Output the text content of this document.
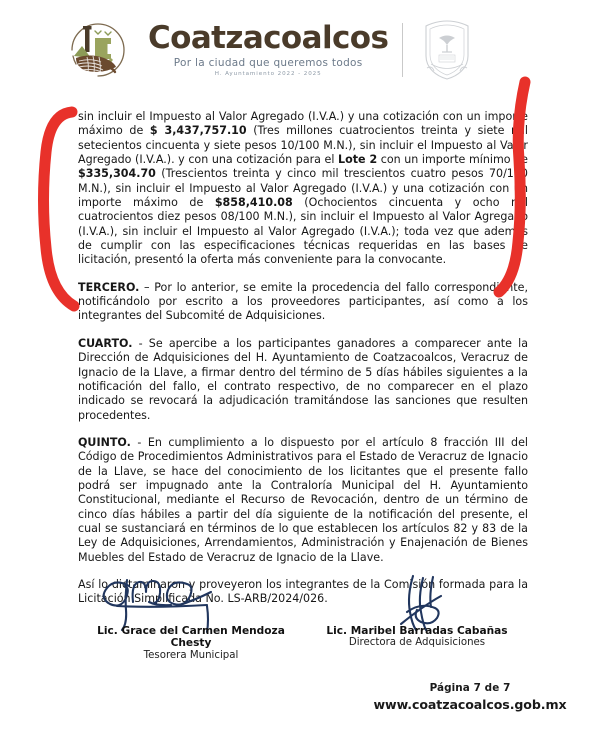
Coatzacoalcos
Por la ciudad que queremos todos
H. Ayuntamiento 2022 - 2025

sin incluir el Impuesto al Valor Agregado (I.V.A.) y una cotización con un importe máximo de $ 3,437,757.10 (Tres millones cuatrocientos treinta y siete mil setecientos cincuenta y siete pesos 10/100 M.N.), sin incluir el Impuesto al Valor Agregado (I.V.A.). y con una cotización para el Lote 2 con un importe mínimo de $335,304.70 (Trescientos treinta y cinco mil trescientos cuatro pesos 70/100 M.N.), sin incluir el Impuesto al Valor Agregado (I.V.A.) y una cotización con un importe máximo de $858,410.08 (Ochocientos cincuenta y ocho mil cuatrocientos diez pesos 08/100 M.N.), sin incluir el Impuesto al Valor Agregado (I.V.A.), sin incluir el Impuesto al Valor Agregado (I.V.A.); toda vez que además de cumplir con las especificaciones técnicas requeridas en las bases de licitación, presentó la oferta más conveniente para la convocante.

TERCERO. – Por lo anterior, se emite la procedencia del fallo correspondiente, notificándolo por escrito a los proveedores participantes, así como a los integrantes del Subcomité de Adquisiciones.

CUARTO. - Se apercibe a los participantes ganadores a comparecer ante la Dirección de Adquisiciones del H. Ayuntamiento de Coatzacoalcos, Veracruz de Ignacio de la Llave, a firmar dentro del término de 5 días hábiles siguientes a la notificación del fallo, el contrato respectivo, de no comparecer en el plazo indicado se revocará la adjudicación tramitándose las sanciones que resulten procedentes.

QUINTO. - En cumplimiento a lo dispuesto por el artículo 8 fracción III del Código de Procedimientos Administrativos para el Estado de Veracruz de Ignacio de la Llave, se hace del conocimiento de los licitantes que el presente fallo podrá ser impugnado ante la Contraloría Municipal del H. Ayuntamiento Constitucional, mediante el Recurso de Revocación, dentro de un término de cinco días hábiles a partir del día siguiente de la notificación del presente, el cual se sustanciará en términos de lo que establecen los artículos 82 y 83 de la Ley de Adquisiciones, Arrendamientos, Administración y Enajenación de Bienes Muebles del Estado de Veracruz de Ignacio de la Llave.

Así lo dictaminaron y proveyeron los integrantes de la Comisión formada para la Licitación Simplificada No. LS-ARB/2024/026.

Lic. Grace del Carmen Mendoza Chesty
Tesorera Municipal
Lic. Maribel Barradas Cabañas
Directora de Adquisiciones
Página 7 de 7
www.coatzacoalcos.gob.mx
